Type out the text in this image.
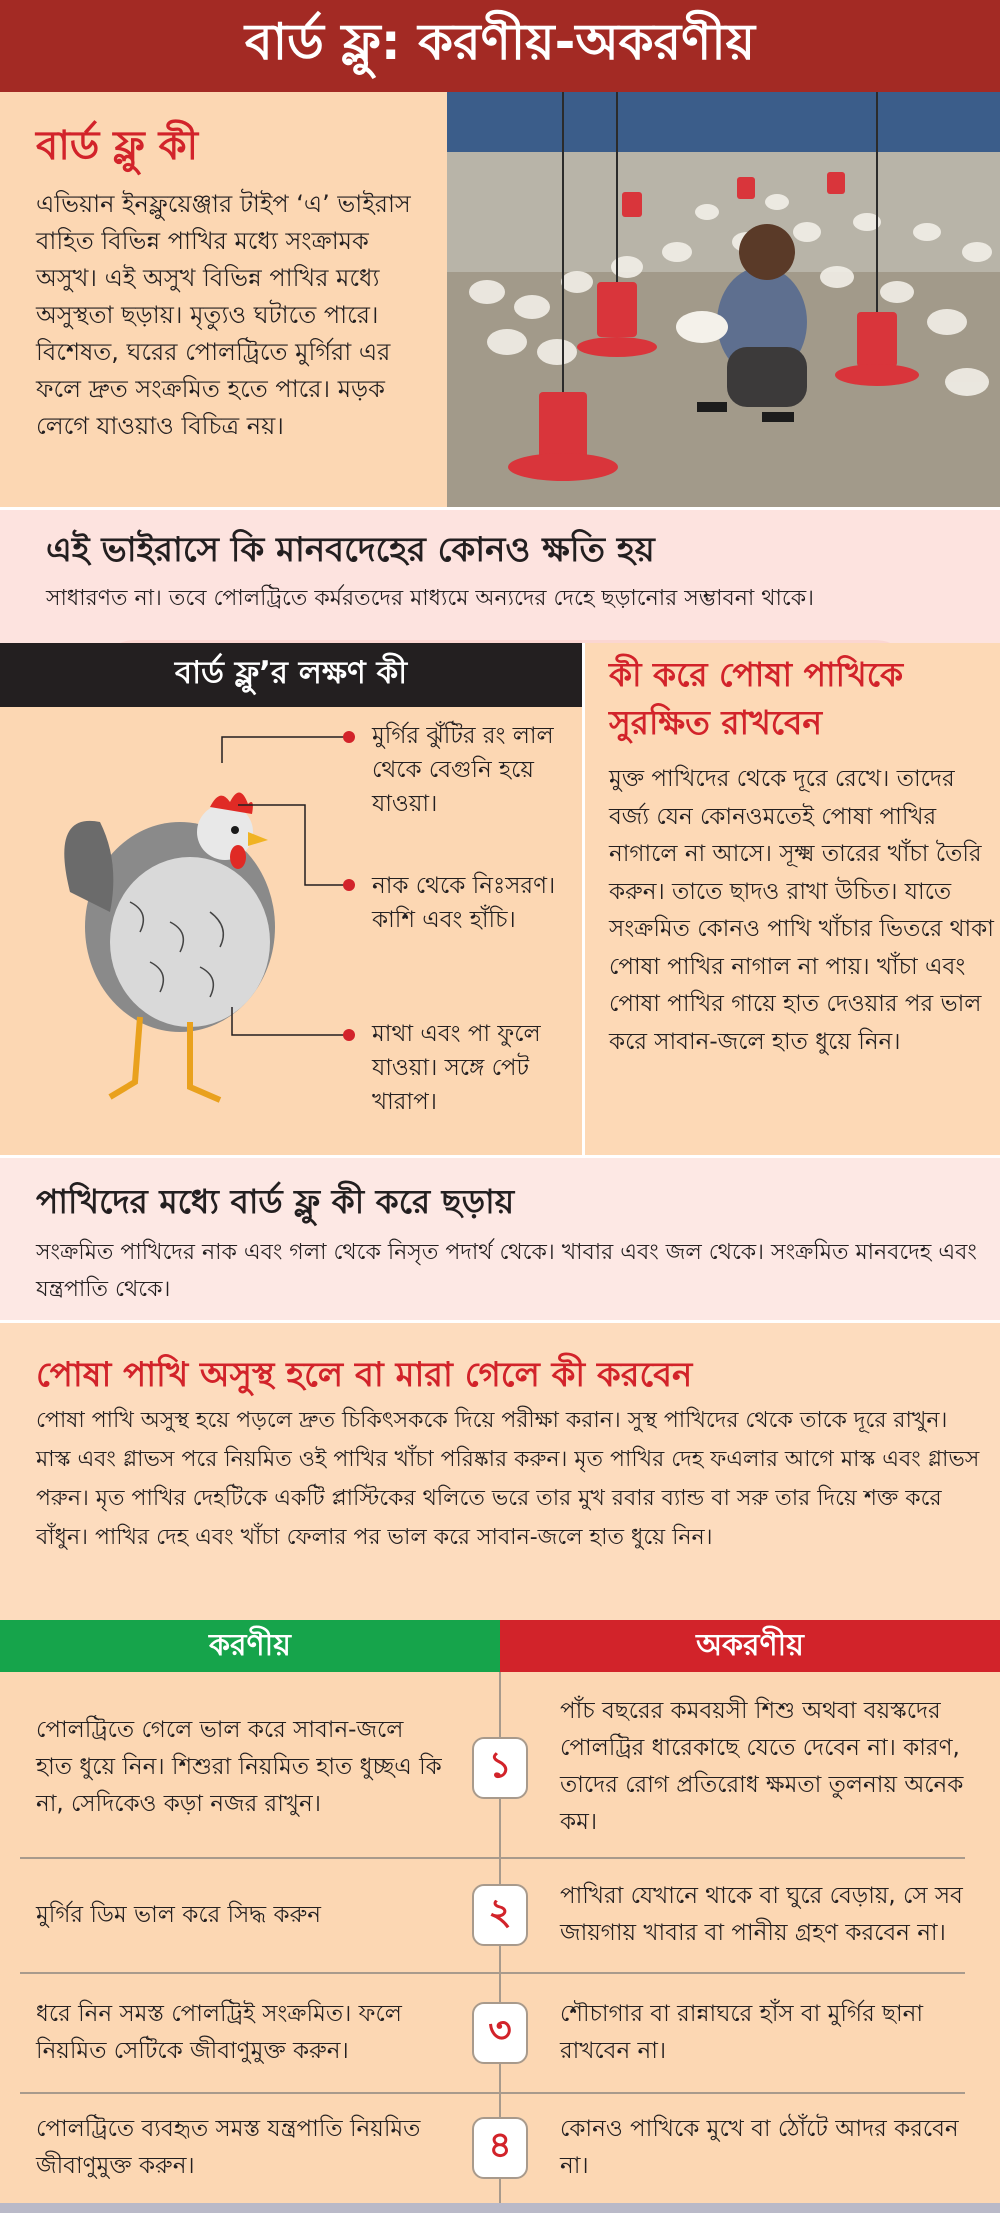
বার্ড ফ্লু: করণীয়-অকরণীয়
বার্ড ফ্লু কী
এভিয়ান ইনফ্লুয়েঞ্জার টাইপ ‘এ’ ভাইরাস বাহিত বিভিন্ন পাখির মধ্যে সংক্রামক অসুখ। এই অসুখ বিভিন্ন পাখির মধ্যে অসুস্থতা ছড়ায়। মৃত্যুও ঘটাতে পারে। বিশেষত, ঘরের পোলট্রিতে মুর্গিরা এর ফলে দ্রুত সংক্রমিত হতে পারে। মড়ক লেগে যাওয়াও বিচিত্র নয়।
এই ভাইরাসে কি মানবদেহের কোনও ক্ষতি হয়
সাধারণত না। তবে পোলট্রিতে কর্মরতদের মাধ্যমে অন্যদের দেহে ছড়ানোর সম্ভাবনা থাকে।
বার্ড ফ্লু’র লক্ষণ কী
মুর্গির ঝুঁটির রং লাল থেকে বেগুনি হয়ে যাওয়া।
নাক থেকে নিঃসরণ। কাশি এবং হাঁচি।
মাথা এবং পা ফুলে যাওয়া। সঙ্গে পেট খারাপ।
কী করে পোষা পাখিকে সুরক্ষিত রাখবেন
মুক্ত পাখিদের থেকে দূরে রেখে। তাদের বর্জ্য যেন কোনওমতেই পোষা পাখির নাগালে না আসে। সূক্ষ্ম তারের খাঁচা তৈরি করুন। তাতে ছাদও রাখা উচিত। যাতে সংক্রমিত কোনও পাখি খাঁচার ভিতরে থাকা পোষা পাখির নাগাল না পায়। খাঁচা এবং পোষা পাখির গায়ে হাত দেওয়ার পর ভাল করে সাবান-জলে হাত ধুয়ে নিন।
পাখিদের মধ্যে বার্ড ফ্লু কী করে ছড়ায়
সংক্রমিত পাখিদের নাক এবং গলা থেকে নিসৃত পদার্থ থেকে। খাবার এবং জল থেকে। সংক্রমিত মানবদেহ এবং যন্ত্রপাতি থেকে।
পোষা পাখি অসুস্থ হলে বা মারা গেলে কী করবেন
পোষা পাখি অসুস্থ হয়ে পড়লে দ্রুত চিকিৎসককে দিয়ে পরীক্ষা করান। সুস্থ পাখিদের থেকে তাকে দূরে রাখুন। মাস্ক এবং গ্লাভস পরে নিয়মিত ওই পাখির খাঁচা পরিষ্কার করুন। মৃত পাখির দেহ ফএলার আগে মাস্ক এবং গ্লাভস পরুন। মৃত পাখির দেহটিকে একটি প্লাস্টিকের থলিতে ভরে তার মুখ রবার ব্যান্ড বা সরু তার দিয়ে শক্ত করে বাঁধুন। পাখির দেহ এবং খাঁচা ফেলার পর ভাল করে সাবান-জলে হাত ধুয়ে নিন।
করণীয়	অকরণীয়
পোলট্রিতে গেলে ভাল করে সাবান-জলে হাত ধুয়ে নিন। শিশুরা নিয়মিত হাত ধুচ্ছএ কি না, সেদিকেও কড়া নজর রাখুন।
পাঁচ বছরের কমবয়সী শিশু অথবা বয়স্কদের পোলট্রির ধারেকাছে যেতে দেবেন না। কারণ, তাদের রোগ প্রতিরোধ ক্ষমতা তুলনায় অনেক কম।
১
মুর্গির ডিম ভাল করে সিদ্ধ করুন
পাখিরা যেখানে থাকে বা ঘুরে বেড়ায়, সে সব জায়গায় খাবার বা পানীয় গ্রহণ করবেন না।
২
ধরে নিন সমস্ত পোলট্রিই সংক্রমিত। ফলে নিয়মিত সেটিকে জীবাণুমুক্ত করুন।
শৌচাগার বা রান্নাঘরে হাঁস বা মুর্গির ছানা রাখবেন না।
৩
পোলট্রিতে ব্যবহৃত সমস্ত যন্ত্রপাতি নিয়মিত জীবাণুমুক্ত করুন।
কোনও পাখিকে মুখে বা ঠোঁটে আদর করবেন না।
৪
